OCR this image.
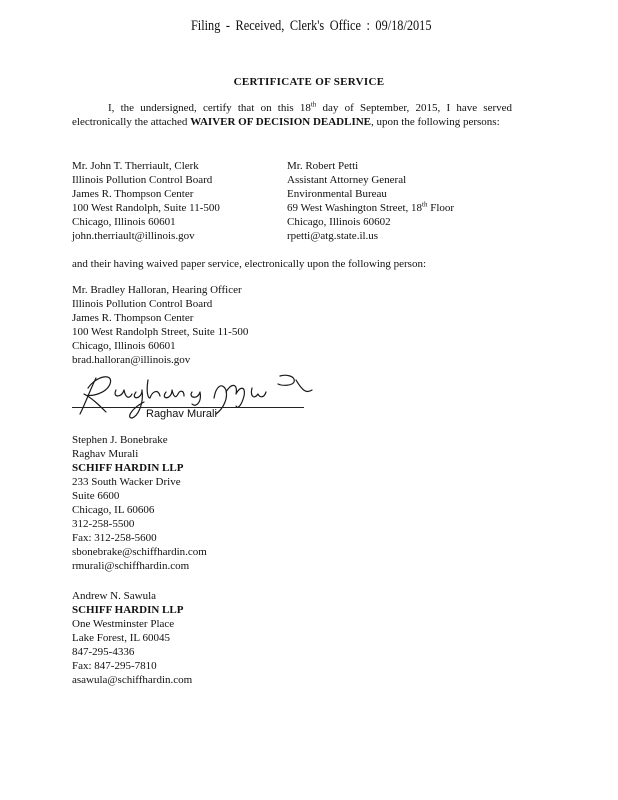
Filing - Received, Clerk's Office : 09/18/2015
CERTIFICATE OF SERVICE
I, the undersigned, certify that on this 18th day of September, 2015, I have served electronically the attached WAIVER OF DECISION DEADLINE, upon the following persons:
Mr. John T. Therriault, Clerk
Illinois Pollution Control Board
James R. Thompson Center
100 West Randolph, Suite 11-500
Chicago, Illinois 60601
john.therriault@illinois.gov
Mr. Robert Petti
Assistant Attorney General
Environmental Bureau
69 West Washington Street, 18th Floor
Chicago, Illinois 60602
rpetti@atg.state.il.us
and their having waived paper service, electronically upon the following person:
Mr. Bradley Halloran, Hearing Officer
Illinois Pollution Control Board
James R. Thompson Center
100 West Randolph Street, Suite 11-500
Chicago, Illinois 60601
brad.halloran@illinois.gov
Raghav Murali
Stephen J. Bonebrake
Raghav Murali
SCHIFF HARDIN LLP
233 South Wacker Drive
Suite 6600
Chicago, IL 60606
312-258-5500
Fax: 312-258-5600
sbonebrake@schiffhardin.com
rmurali@schiffhardin.com
Andrew N. Sawula
SCHIFF HARDIN LLP
One Westminster Place
Lake Forest, IL 60045
847-295-4336
Fax: 847-295-7810
asawula@schiffhardin.com
